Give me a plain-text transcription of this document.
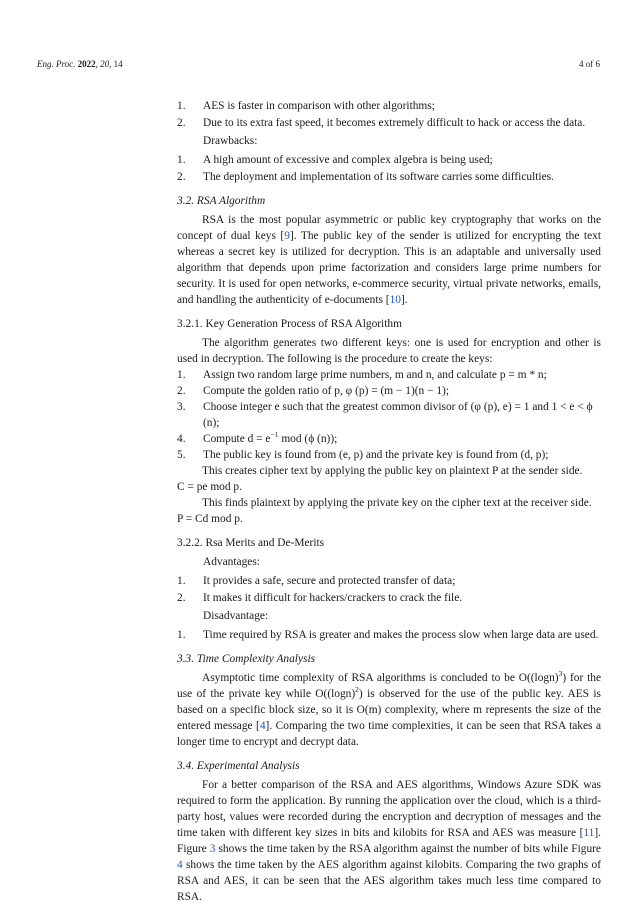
Eng. Proc. 2022, 20, 14	4 of 6
1. AES is faster in comparison with other algorithms;
2. Due to its extra fast speed, it becomes extremely difficult to hack or access the data.
Drawbacks:
1. A high amount of excessive and complex algebra is being used;
2. The deployment and implementation of its software carries some difficulties.
3.2. RSA Algorithm

RSA is the most popular asymmetric or public key cryptography that works on the concept of dual keys [9]. The public key of the sender is utilized for encrypting the text whereas a secret key is utilized for decryption. This is an adaptable and universally used algorithm that depends upon prime factorization and considers large prime numbers for security. It is used for open networks, e-commerce security, virtual private networks, emails, and handling the authenticity of e-documents [10].

3.2.1. Key Generation Process of RSA Algorithm

The algorithm generates two different keys: one is used for encryption and other is used in decryption. The following is the procedure to create the keys:

1. Assign two random large prime numbers, m and n, and calculate p = m * n;
2. Compute the golden ratio of p, φ (p) = (m − 1)(n − 1);
3. Choose integer e such that the greatest common divisor of (φ (p), e) = 1 and 1 < e < ϕ (n);
4. Compute $d = e^{-1}$ mod (ϕ (n));
5. The public key is found from (e, p) and the private key is found from (d, p);

This creates cipher text by applying the public key on plaintext P at the sender side.

C = pe mod p.

This finds plaintext by applying the private key on the cipher text at the receiver side.

P = Cd mod p.

3.2.2. Rsa Merits and De-Merits
Advantages:
1. It provides a safe, secure and protected transfer of data;
2. It makes it difficult for hackers/crackers to crack the file.
Disadvantage:
1. Time required by RSA is greater and makes the process slow when large data are used.
3.3. Time Complexity Analysis

Asymptotic time complexity of RSA algorithms is concluded to be $O((\log n)^3)$ for the use of the private key while $O((\log n)^2)$ is observed for the use of the public key. AES is based on a specific block size, so it is O(m) complexity, where m represents the size of the entered message [4]. Comparing the two time complexities, it can be seen that RSA takes a longer time to encrypt and decrypt data.

3.4. Experimental Analysis

For a better comparison of the RSA and AES algorithms, Windows Azure SDK was required to form the application. By running the application over the cloud, which is a third-party host, values were recorded during the encryption and decryption of messages and the time taken with different key sizes in bits and kilobits for RSA and AES was measure [11]. Figure 3 shows the time taken by the RSA algorithm against the number of bits while Figure 4 shows the time taken by the AES algorithm against kilobits. Comparing the two graphs of RSA and AES, it can be seen that the AES algorithm takes much less time compared to RSA.
